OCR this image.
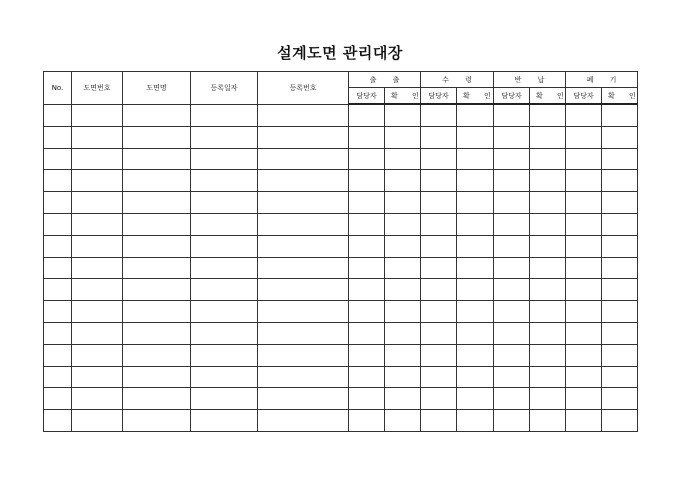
설계도면 관리대장
No.	도면번호	도면명	등록일자	등록번호	출 출		수 령		반 납		폐 기	
					담당자	확 인	담당자	확 인	담당자	확 인	담당자	확 인
